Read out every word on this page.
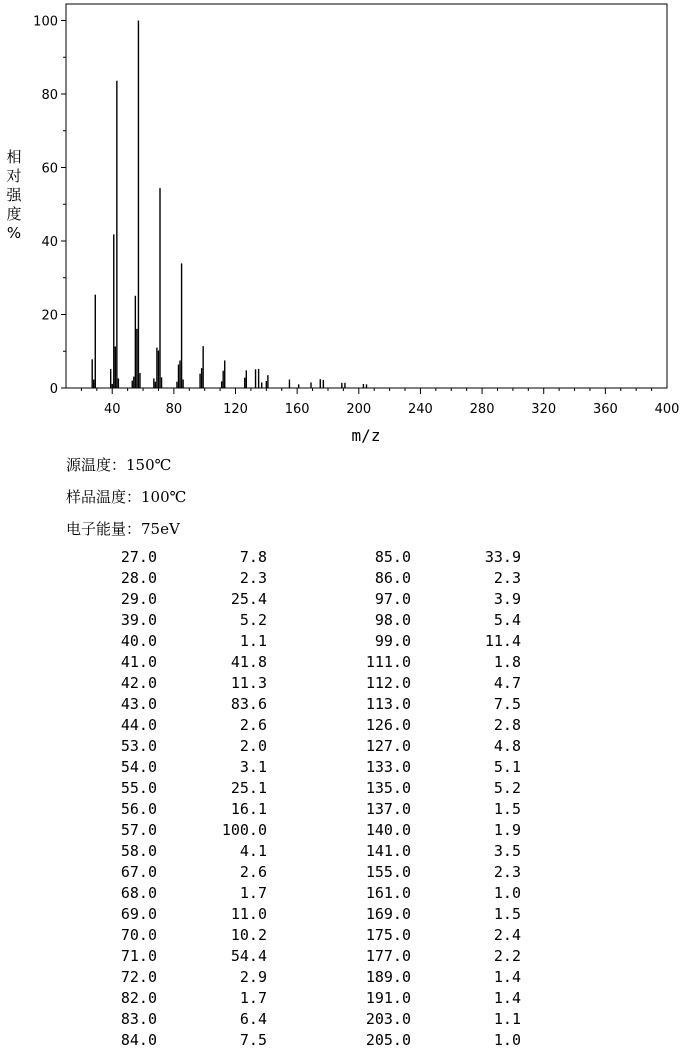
0
20
40
60
80
100
40	80	120	160	200	240	280	320	360	400
m/z
相
对
强
度
%
源温度：150℃
样品温度：100℃
电子能量：75eV
27.0	7.8	85.0	33.9
28.0	2.3	86.0	2.3
29.0	25.4	97.0	3.9
39.0	5.2	98.0	5.4
40.0	1.1	99.0	11.4
41.0	41.8	111.0	1.8
42.0	11.3	112.0	4.7
43.0	83.6	113.0	7.5
44.0	2.6	126.0	2.8
53.0	2.0	127.0	4.8
54.0	3.1	133.0	5.1
55.0	25.1	135.0	5.2
56.0	16.1	137.0	1.5
57.0	100.0	140.0	1.9
58.0	4.1	141.0	3.5
67.0	2.6	155.0	2.3
68.0	1.7	161.0	1.0
69.0	11.0	169.0	1.5
70.0	10.2	175.0	2.4
71.0	54.4	177.0	2.2
72.0	2.9	189.0	1.4
82.0	1.7	191.0	1.4
83.0	6.4	203.0	1.1
84.0	7.5	205.0	1.0
